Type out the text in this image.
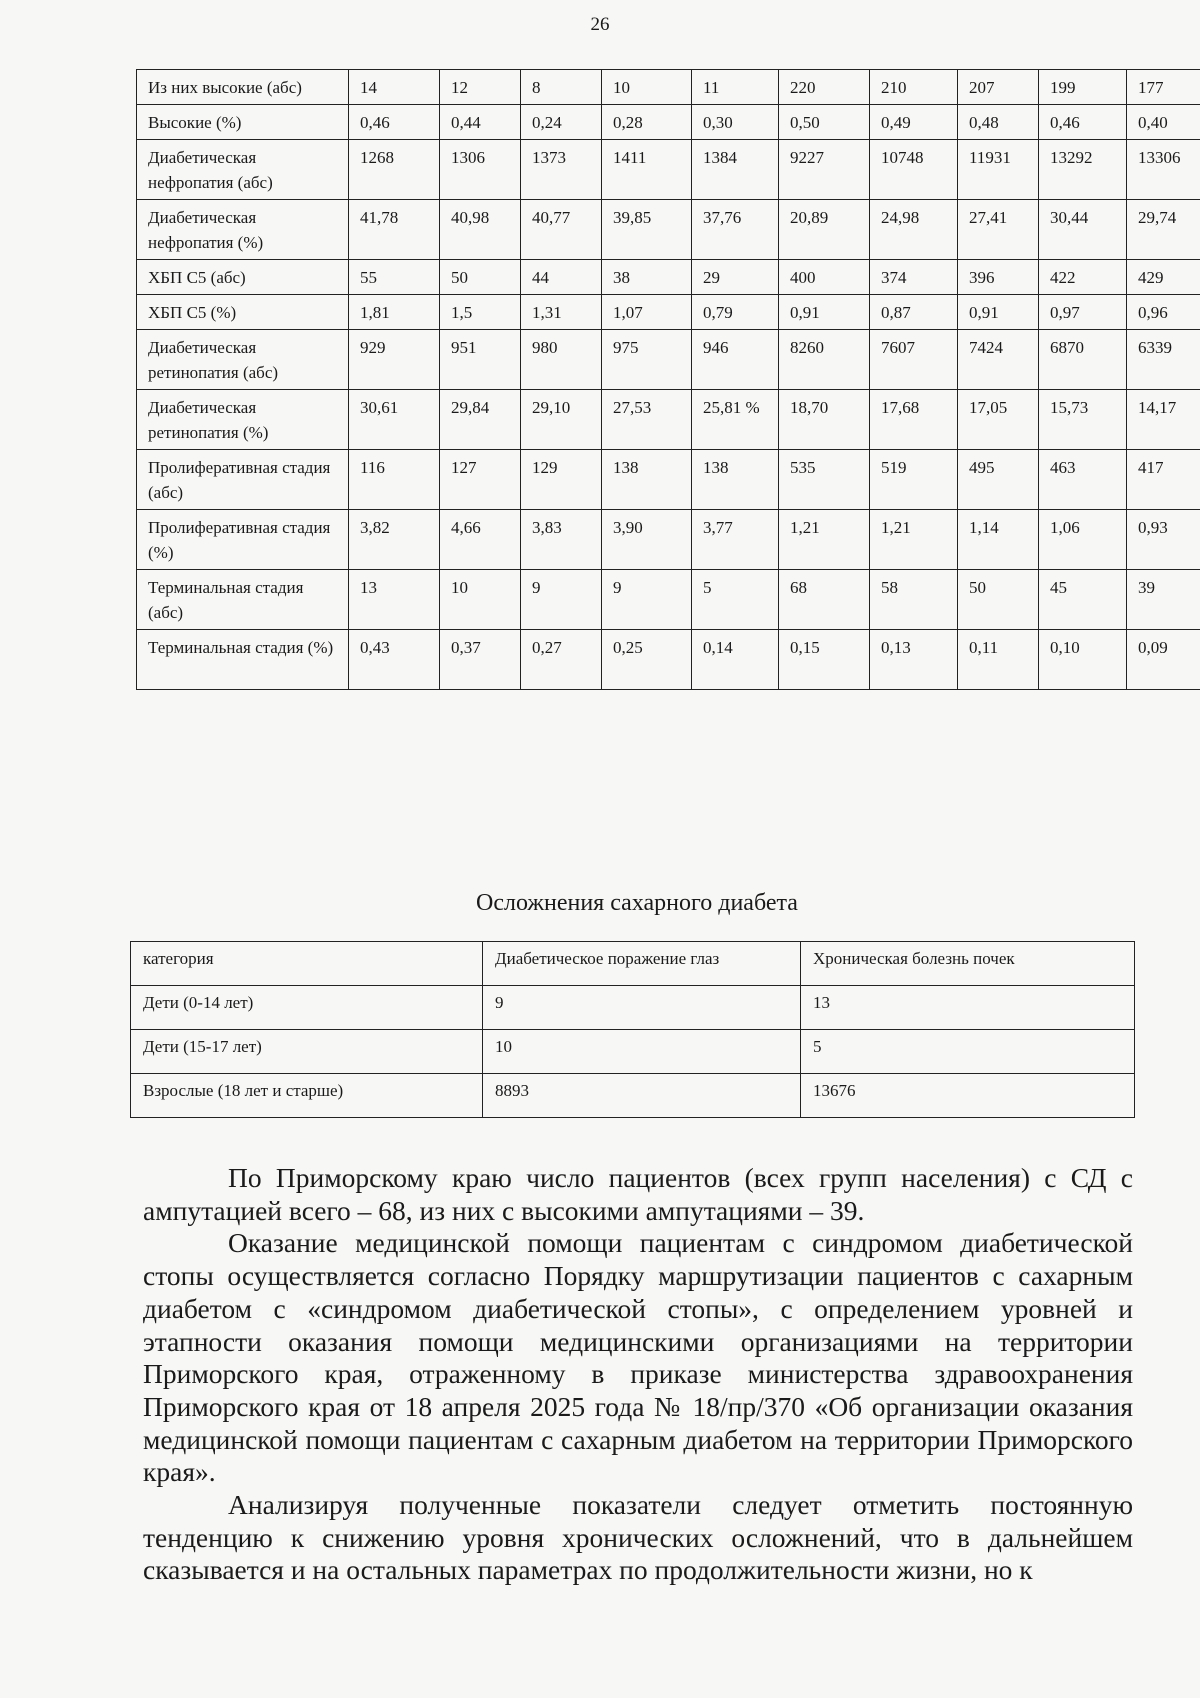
26
Из них высокие (абс)	14	12	8	10	11	220	210	207	199	177
Высокие (%)	0,46	0,44	0,24	0,28	0,30	0,50	0,49	0,48	0,46	0,40
Диабетическая нефропатия (абс)	1268	1306	1373	1411	1384	9227	10748	11931	13292	13306
Диабетическая нефропатия (%)	41,78	40,98	40,77	39,85	37,76	20,89	24,98	27,41	30,44	29,74
ХБП С5 (абс)	55	50	44	38	29	400	374	396	422	429
ХБП С5 (%)	1,81	1,5	1,31	1,07	0,79	0,91	0,87	0,91	0,97	0,96
Диабетическая ретинопатия (абс)	929	951	980	975	946	8260	7607	7424	6870	6339
Диабетическая ретинопатия (%)	30,61	29,84	29,10	27,53	25,81 %	18,70	17,68	17,05	15,73	14,17
Пролиферативная стадия (абс)	116	127	129	138	138	535	519	495	463	417
Пролиферативная стадия (%)	3,82	4,66	3,83	3,90	3,77	1,21	1,21	1,14	1,06	0,93
Терминальная стадия (абс)	13	10	9	9	5	68	58	50	45	39
Терминальная стадия (%)	0,43	0,37	0,27	0,25	0,14	0,15	0,13	0,11	0,10	0,09
Осложнения сахарного диабета
категория	Диабетическое поражение глаз	Хроническая болезнь почек
Дети (0-14 лет)	9	13
Дети (15-17 лет)	10	5
Взрослые (18 лет и старше)	8893	13676

По Приморскому краю число пациентов (всех групп населения) с СД с ампутацией всего – 68, из них с высокими ампутациями – 39.

Оказание медицинской помощи пациентам с синдромом диабетической стопы осуществляется согласно Порядку маршрутизации пациентов с сахарным диабетом с «синдромом диабетической стопы», с определением уровней и этапности оказания помощи медицинскими организациями на территории Приморского края, отраженному в приказе министерства здравоохранения Приморского края от 18 апреля 2025 года № 18/пр/370 «Об организации оказания медицинской помощи пациентам с сахарным диабетом на территории Приморского края».

Анализируя полученные показатели следует отметить постоянную тенденцию к снижению уровня хронических осложнений, что в дальнейшем сказывается и на остальных параметрах по продолжительности жизни, но к
